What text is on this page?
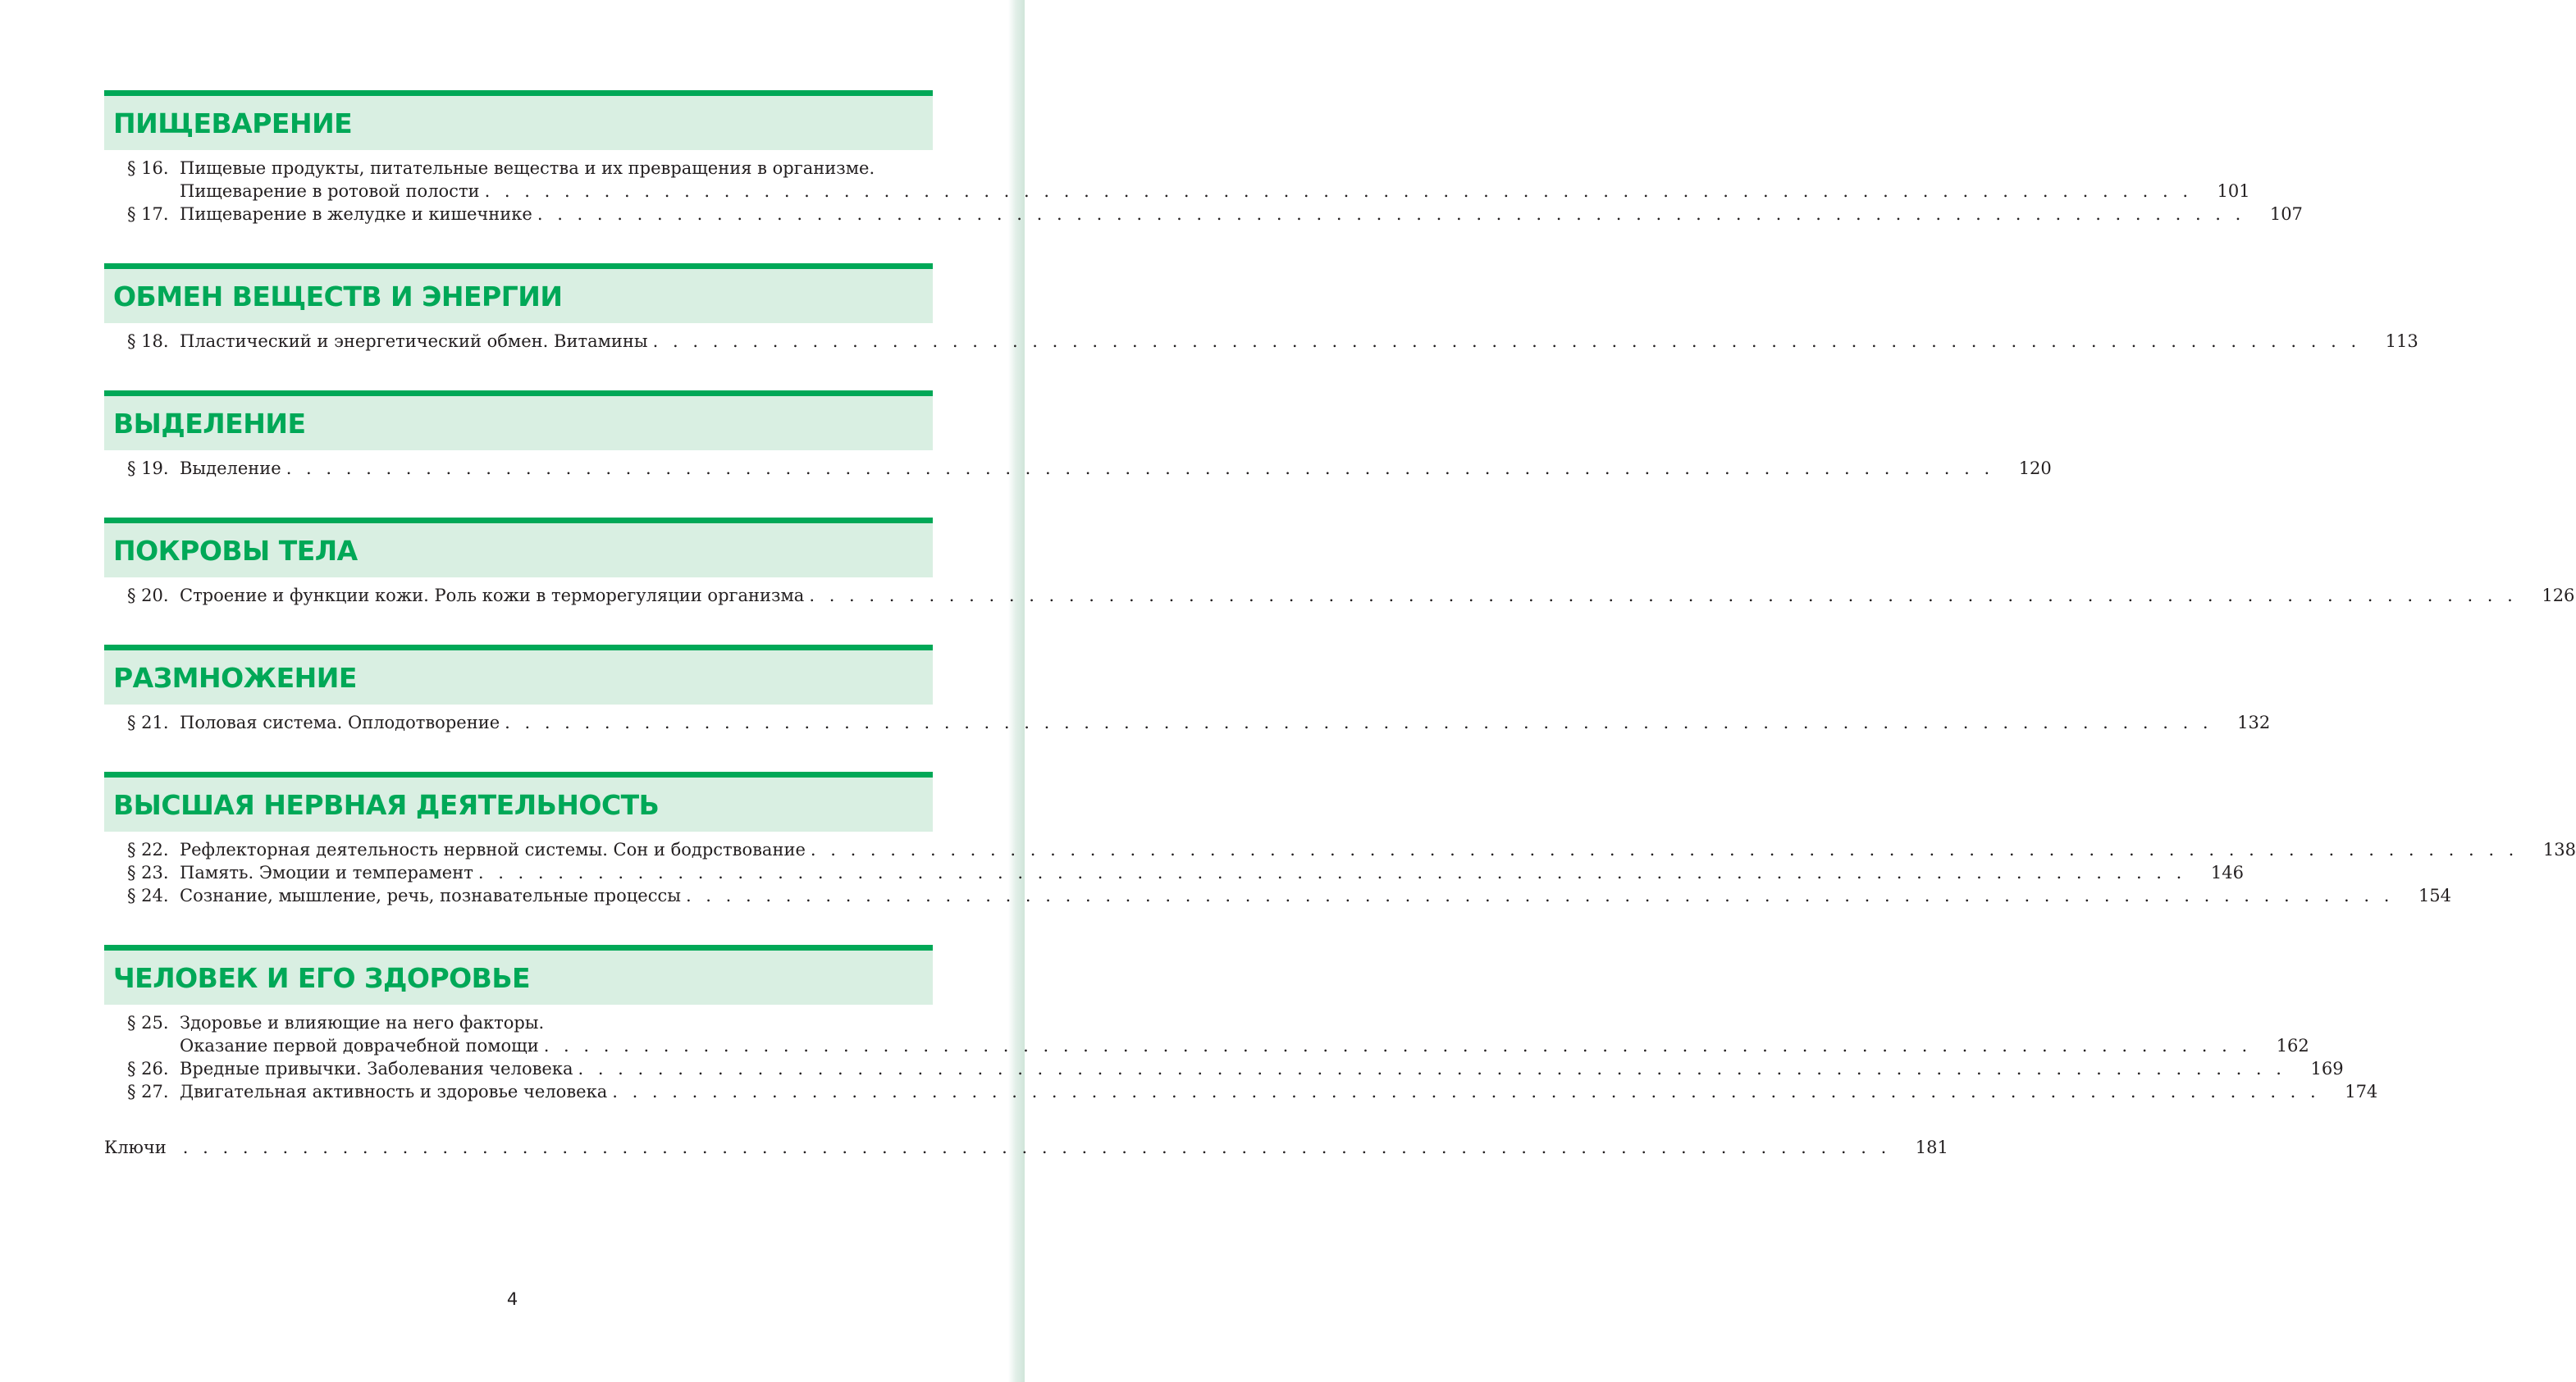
ПИЩЕВАРЕНИЕ
§ 16. Пищевые продукты, питательные вещества и их превращения в организме.
Пищеварение в ротовой полости . . . . . . . . . . . . . . . . . . . . . . . . . . . . . . . . . . . . . . . . . . . . . . . . . . . . . . . . . . . . . . . . . . . . . . . . . . . . . . . . . . . . . . 101
§ 17. Пищеварение в желудке и кишечнике . . . . . . . . . . . . . . . . . . . . . . . . . . . . . . . . . . . . . . . . . . . . . . . . . . . . . . . . . . . . . . . . . . . . . . . . . . . . . . . . . . . . . . 107
ОБМЕН ВЕЩЕСТВ И ЭНЕРГИИ
§ 18. Пластический и энергетический обмен. Витамины . . . . . . . . . . . . . . . . . . . . . . . . . . . . . . . . . . . . . . . . . . . . . . . . . . . . . . . . . . . . . . . . . . . . . . . . . . . . . . . . . . . . . . 113
ВЫДЕЛЕНИЕ
§ 19. Выделение . . . . . . . . . . . . . . . . . . . . . . . . . . . . . . . . . . . . . . . . . . . . . . . . . . . . . . . . . . . . . . . . . . . . . . . . . . . . . . . . . . . . . . 120
ПОКРОВЫ ТЕЛА
§ 20. Строение и функции кожи. Роль кожи в терморегуляции организма . . . . . . . . . . . . . . . . . . . . . . . . . . . . . . . . . . . . . . . . . . . . . . . . . . . . . . . . . . . . . . . . . . . . . . . . . . . . . . . . . . . . . . 126
РАЗМНОЖЕНИЕ
§ 21. Половая система. Оплодотворение . . . . . . . . . . . . . . . . . . . . . . . . . . . . . . . . . . . . . . . . . . . . . . . . . . . . . . . . . . . . . . . . . . . . . . . . . . . . . . . . . . . . . . 132
ВЫСШАЯ НЕРВНАЯ ДЕЯТЕЛЬНОСТЬ
§ 22. Рефлекторная деятельность нервной системы. Сон и бодрствование . . . . . . . . . . . . . . . . . . . . . . . . . . . . . . . . . . . . . . . . . . . . . . . . . . . . . . . . . . . . . . . . . . . . . . . . . . . . . . . . . . . . . . 138
§ 23. Память. Эмоции и темперамент . . . . . . . . . . . . . . . . . . . . . . . . . . . . . . . . . . . . . . . . . . . . . . . . . . . . . . . . . . . . . . . . . . . . . . . . . . . . . . . . . . . . . . 146
§ 24. Сознание, мышление, речь, познавательные процессы . . . . . . . . . . . . . . . . . . . . . . . . . . . . . . . . . . . . . . . . . . . . . . . . . . . . . . . . . . . . . . . . . . . . . . . . . . . . . . . . . . . . . . 154
ЧЕЛОВЕК И ЕГО ЗДОРОВЬЕ
§ 25. Здоровье и влияющие на него факторы.
Оказание первой доврачебной помощи . . . . . . . . . . . . . . . . . . . . . . . . . . . . . . . . . . . . . . . . . . . . . . . . . . . . . . . . . . . . . . . . . . . . . . . . . . . . . . . . . . . . . . 162
§ 26. Вредные привычки. Заболевания человека . . . . . . . . . . . . . . . . . . . . . . . . . . . . . . . . . . . . . . . . . . . . . . . . . . . . . . . . . . . . . . . . . . . . . . . . . . . . . . . . . . . . . . 169
§ 27. Двигательная активность и здоровье человека . . . . . . . . . . . . . . . . . . . . . . . . . . . . . . . . . . . . . . . . . . . . . . . . . . . . . . . . . . . . . . . . . . . . . . . . . . . . . . . . . . . . . . 174
Ключи . . . . . . . . . . . . . . . . . . . . . . . . . . . . . . . . . . . . . . . . . . . . . . . . . . . . . . . . . . . . . . . . . . . . . . . . . . . . . . . . . . . . . . 181
4
